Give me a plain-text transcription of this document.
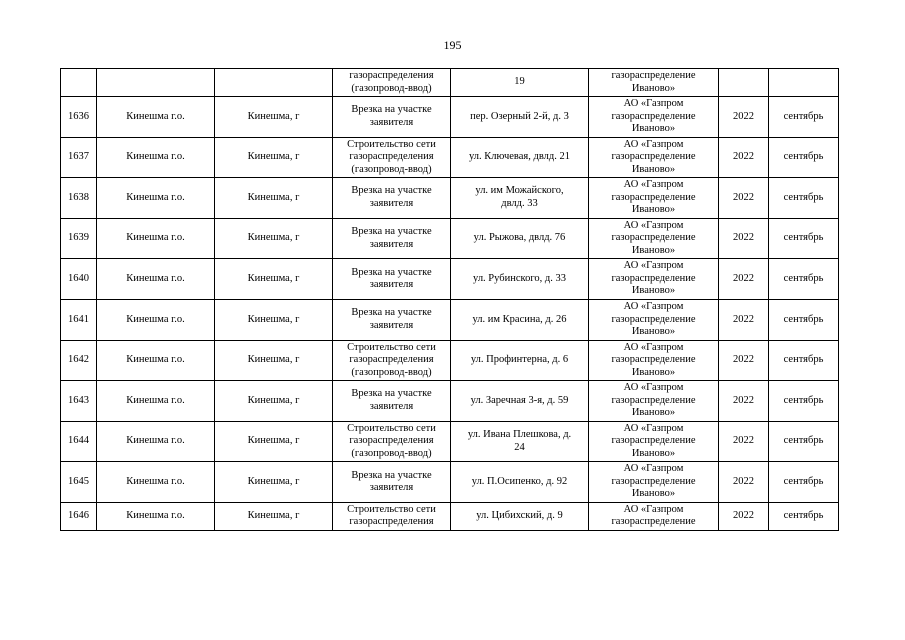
195

			газораспределения
(газопровод-ввод)	19	газораспределение
Иваново»		

1636	Кинешма г.о.	Кинешма, г	Врезка на участке
заявителя	пер. Озерный 2-й, д. 3	АО «Газпром
газораспределение
Иваново»	2022	сентябрь
1637	Кинешма г.о.	Кинешма, г	Строительство сети
газораспределения
(газопровод-ввод)	ул. Ключевая, двлд. 21	АО «Газпром
газораспределение
Иваново»	2022	сентябрь
1638	Кинешма г.о.	Кинешма, г	Врезка на участке
заявителя	ул. им Можайского,
двлд. 33	АО «Газпром
газораспределение
Иваново»	2022	сентябрь
1639	Кинешма г.о.	Кинешма, г	Врезка на участке
заявителя	ул. Рыжова, двлд. 76	АО «Газпром
газораспределение
Иваново»	2022	сентябрь
1640	Кинешма г.о.	Кинешма, г	Врезка на участке
заявителя	ул. Рубинского, д. 33	АО «Газпром
газораспределение
Иваново»	2022	сентябрь
1641	Кинешма г.о.	Кинешма, г	Врезка на участке
заявителя	ул. им Красина, д. 26	АО «Газпром
газораспределение
Иваново»	2022	сентябрь
1642	Кинешма г.о.	Кинешма, г	Строительство сети
газораспределения
(газопровод-ввод)	ул. Профинтерна, д. 6	АО «Газпром
газораспределение
Иваново»	2022	сентябрь
1643	Кинешма г.о.	Кинешма, г	Врезка на участке
заявителя	ул. Заречная 3-я, д. 59	АО «Газпром
газораспределение
Иваново»	2022	сентябрь
1644	Кинешма г.о.	Кинешма, г	Строительство сети
газораспределения
(газопровод-ввод)	ул. Ивана Плешкова, д.
24	АО «Газпром
газораспределение
Иваново»	2022	сентябрь
1645	Кинешма г.о.	Кинешма, г	Врезка на участке
заявителя	ул. П.Осипенко, д. 92	АО «Газпром
газораспределение
Иваново»	2022	сентябрь
1646	Кинешма г.о.	Кинешма, г	Строительство сети
газораспределения	ул. Цибихский, д. 9	АО «Газпром
газораспределение	2022	сентябрь
